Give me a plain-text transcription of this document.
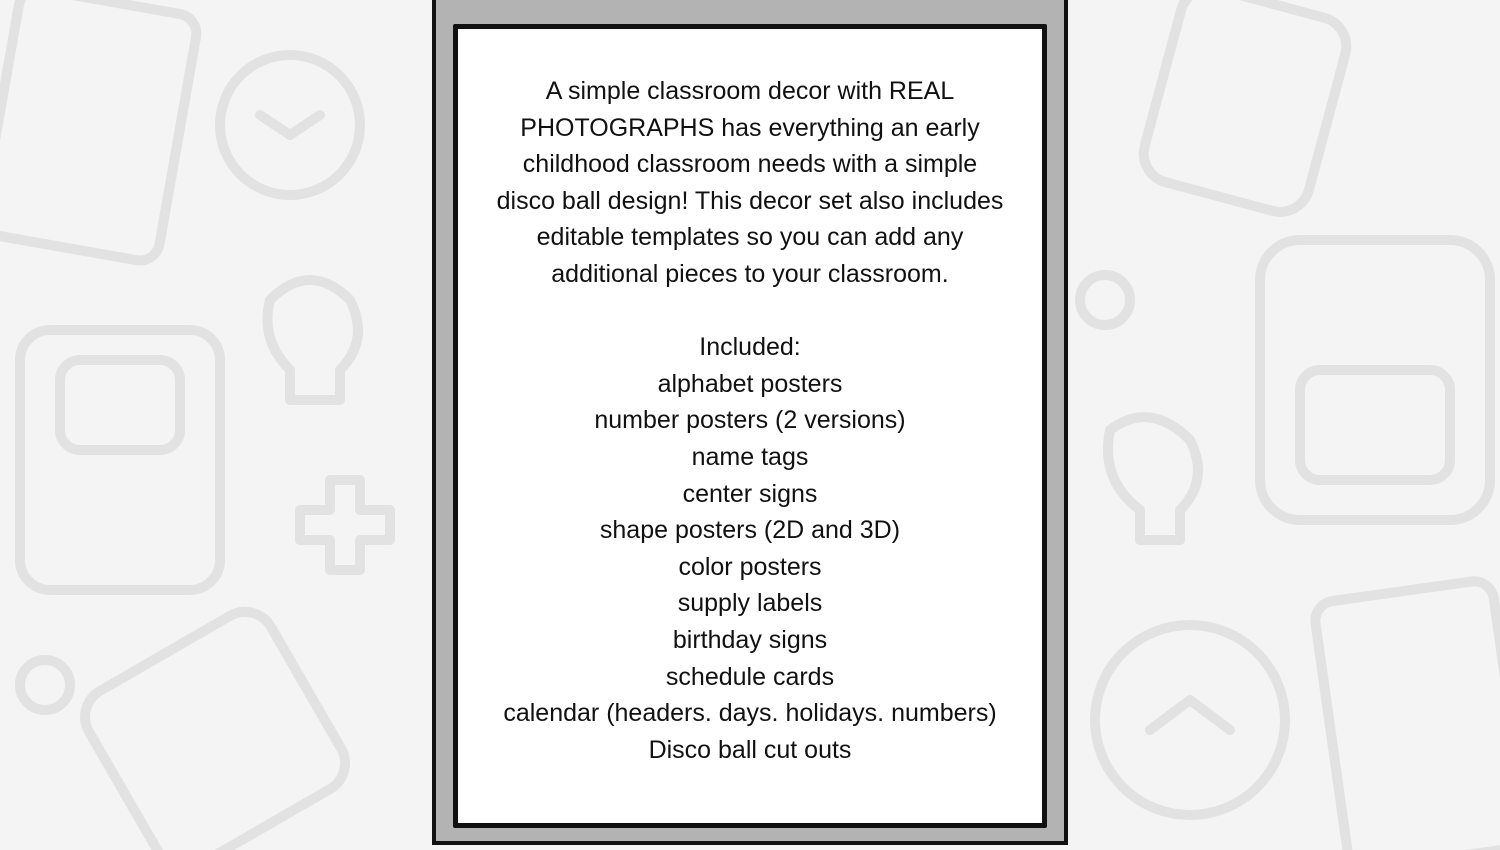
A simple classroom decor with REAL
PHOTOGRAPHS has everything an early
childhood classroom needs with a simple
disco ball design! This decor set also includes
editable templates so you can add any
additional pieces to your classroom.
Included:
alphabet posters
number posters (2 versions)
name tags
center signs
shape posters (2D and 3D)
color posters
supply labels
birthday signs
schedule cards
calendar (headers. days. holidays. numbers)
Disco ball cut outs
